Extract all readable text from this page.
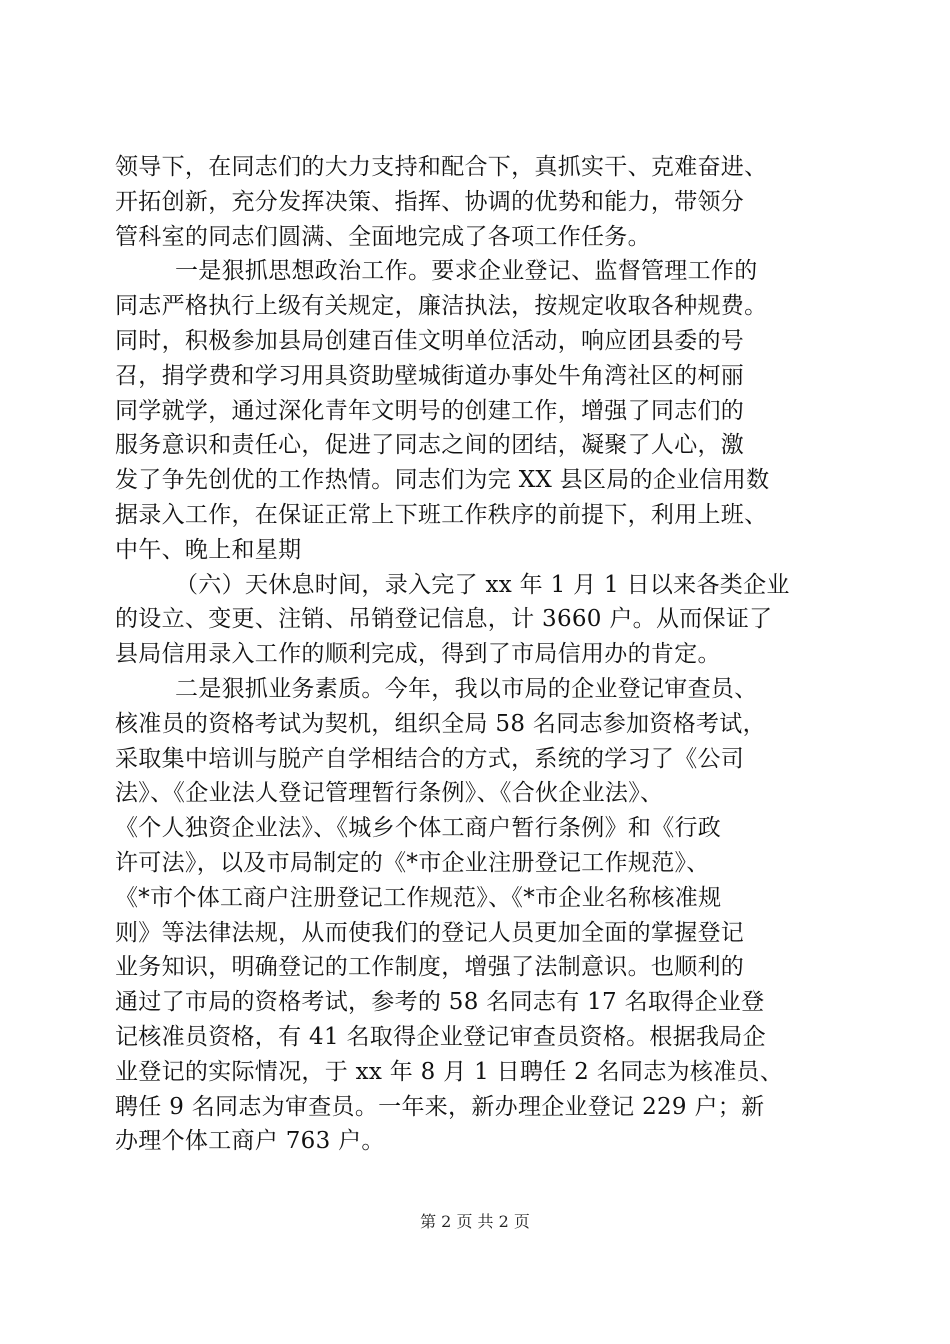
领导下，在同志们的大力支持和配合下，真抓实干、克难奋进、
开拓创新，充分发挥决策、指挥、协调的优势和能力，带领分
管科室的同志们圆满、全面地完成了各项工作任务。
一是狠抓思想政治工作。要求企业登记、监督管理工作的
同志严格执行上级有关规定，廉洁执法，按规定收取各种规费。
同时，积极参加县局创建百佳文明单位活动，响应团县委的号
召，捐学费和学习用具资助壁城街道办事处牛角湾社区的柯丽
同学就学，通过深化青年文明号的创建工作，增强了同志们的
服务意识和责任心，促进了同志之间的团结，凝聚了人心，激
发了争先创优的工作热情。同志们为完 XX 县区局的企业信用数
据录入工作，在保证正常上下班工作秩序的前提下，利用上班、
中午、晚上和星期
（六）天休息时间，录入完了 xx 年 1 月 1 日以来各类企业
的设立、变更、注销、吊销登记信息，计 3660 户。从而保证了
县局信用录入工作的顺利完成，得到了市局信用办的肯定。
二是狠抓业务素质。今年，我以市局的企业登记审查员、
核准员的资格考试为契机，组织全局 58 名同志参加资格考试，
采取集中培训与脱产自学相结合的方式，系统的学习了《公司
法》、《企业法人登记管理暂行条例》、《合伙企业法》、
《个人独资企业法》、《城乡个体工商户暂行条例》和《行政
许可法》，以及市局制定的《*市企业注册登记工作规范》、
《*市个体工商户注册登记工作规范》、《*市企业名称核准规
则》等法律法规，从而使我们的登记人员更加全面的掌握登记
业务知识，明确登记的工作制度，增强了法制意识。也顺利的
通过了市局的资格考试，参考的 58 名同志有 17 名取得企业登
记核准员资格，有 41 名取得企业登记审查员资格。根据我局企
业登记的实际情况，于 xx 年 8 月 1 日聘任 2 名同志为核准员、
聘任 9 名同志为审查员。一年来，新办理企业登记 229 户；新
办理个体工商户 763 户。
第 2 页 共 2 页
